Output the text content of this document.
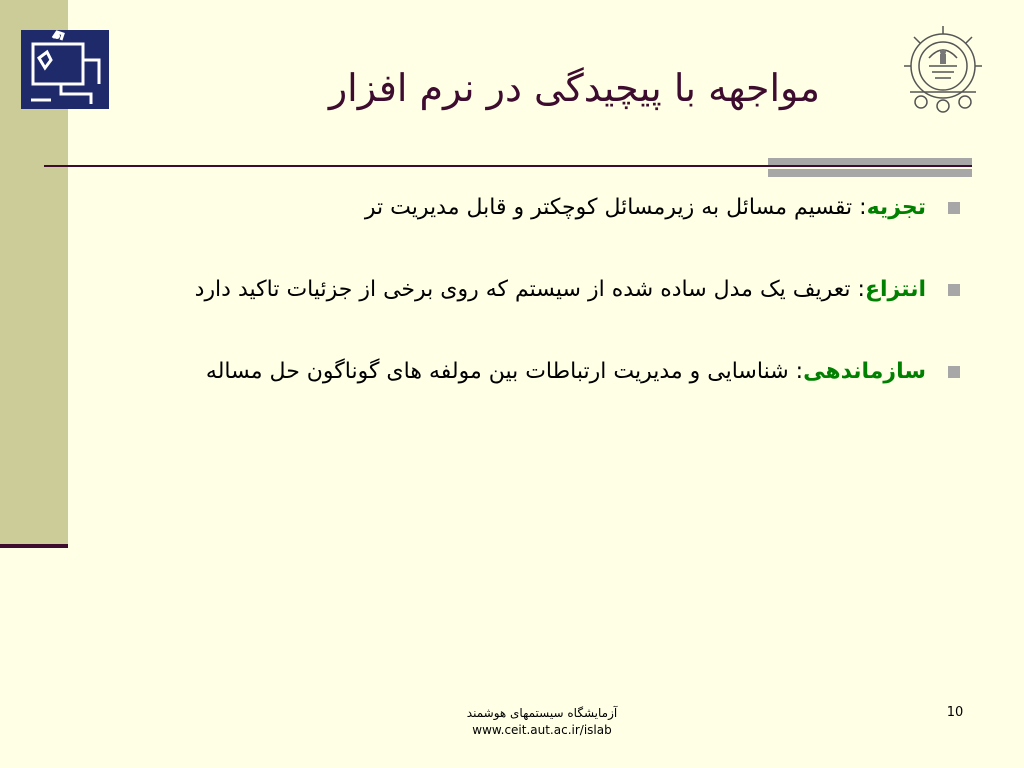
مواجهه با پیچیدگی در نرم افزار
تجزیه: تقسیم مسائل به زیرمسائل کوچکتر و قابل مدیریت تر
انتزاع: تعریف یک مدل ساده شده از سیستم که روی برخی از جزئیات تاکید دارد
سازماندهی: شناسایی و مدیریت ارتباطات بین مولفه های گوناگون حل مساله
آزمایشگاه سیستمهای هوشمند
www.ceit.aut.ac.ir/islab
10
